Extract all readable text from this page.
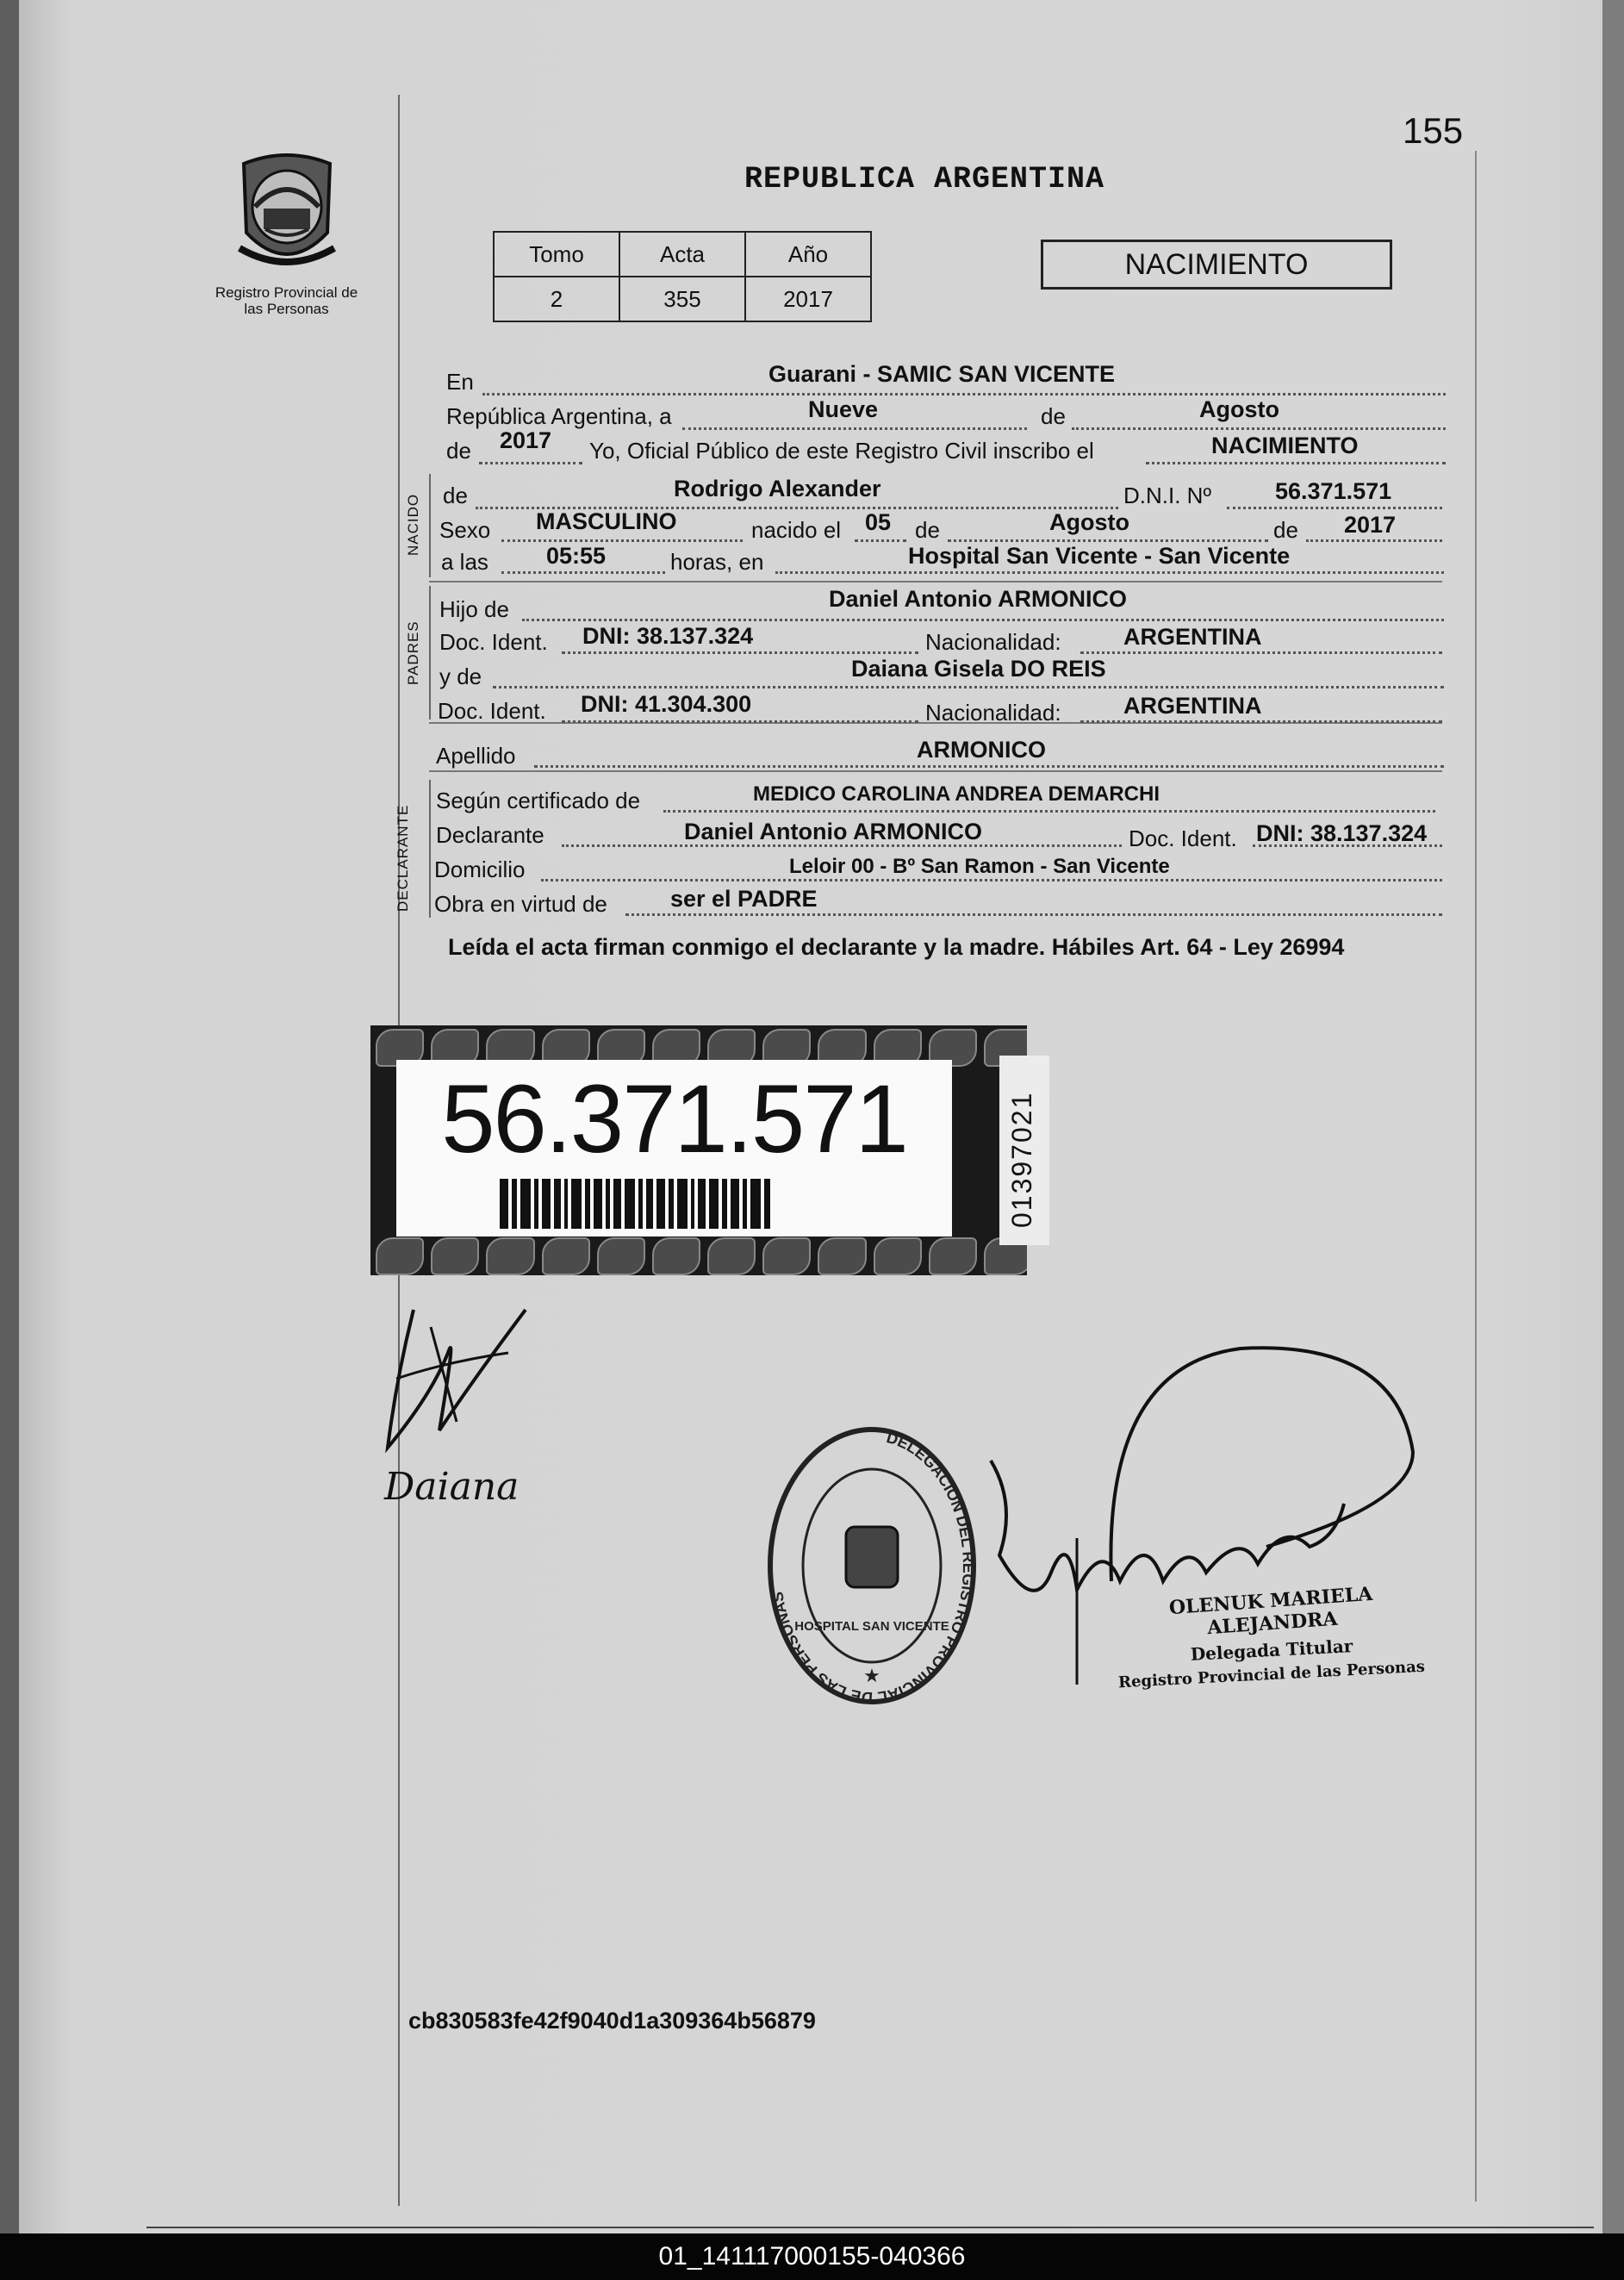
155
REPUBLICA ARGENTINA
Registro Provincial de las Personas
Tomo	Acta	Año
2	355	2017
NACIMIENTO
En	Guarani - SAMIC SAN VICENTE
República Argentina, a	Nueve	de	Agosto
de 2017 Yo, Oficial Público de este Registro Civil inscribo el	NACIMIENTO
NACIDO de	Rodrigo Alexander	D.N.I. Nº	56.371.571
Sexo MASCULINO	nacido el 05 de	Agosto	de 2017
a las 05:55	horas, en	Hospital San Vicente - San Vicente
PADRES
Hijo de	Daniel Antonio ARMONICO
Doc. Ident. DNI: 38.137.324	Nacionalidad:	ARGENTINA
y de	Daiana Gisela DO REIS
Doc. Ident. DNI: 41.304.300	Nacionalidad:	ARGENTINA
Apellido	ARMONICO
DECLARANTE
Según certificado de	MEDICO CAROLINA ANDREA DEMARCHI
Declarante	Daniel Antonio ARMONICO	Doc. Ident. DNI: 38.137.324
Domicilio	Leloir 00 - Bº San Ramon - San Vicente
Obra en virtud de	ser el PADRE
Leída el acta firman conmigo el declarante y la madre. Hábiles Art. 64 - Ley 26994
56.371.571	01397021
Daiana
DELEGACION DEL REGISTRO PROVINCIAL DE LAS PERSONAS
HOSPITAL SAN VICENTE
★
OLENUK MARIELA ALEJANDRA
Delegada Titular
Registro Provincial de las Personas
cb830583fe42f9040d1a309364b56879
01_141117000155-040366
